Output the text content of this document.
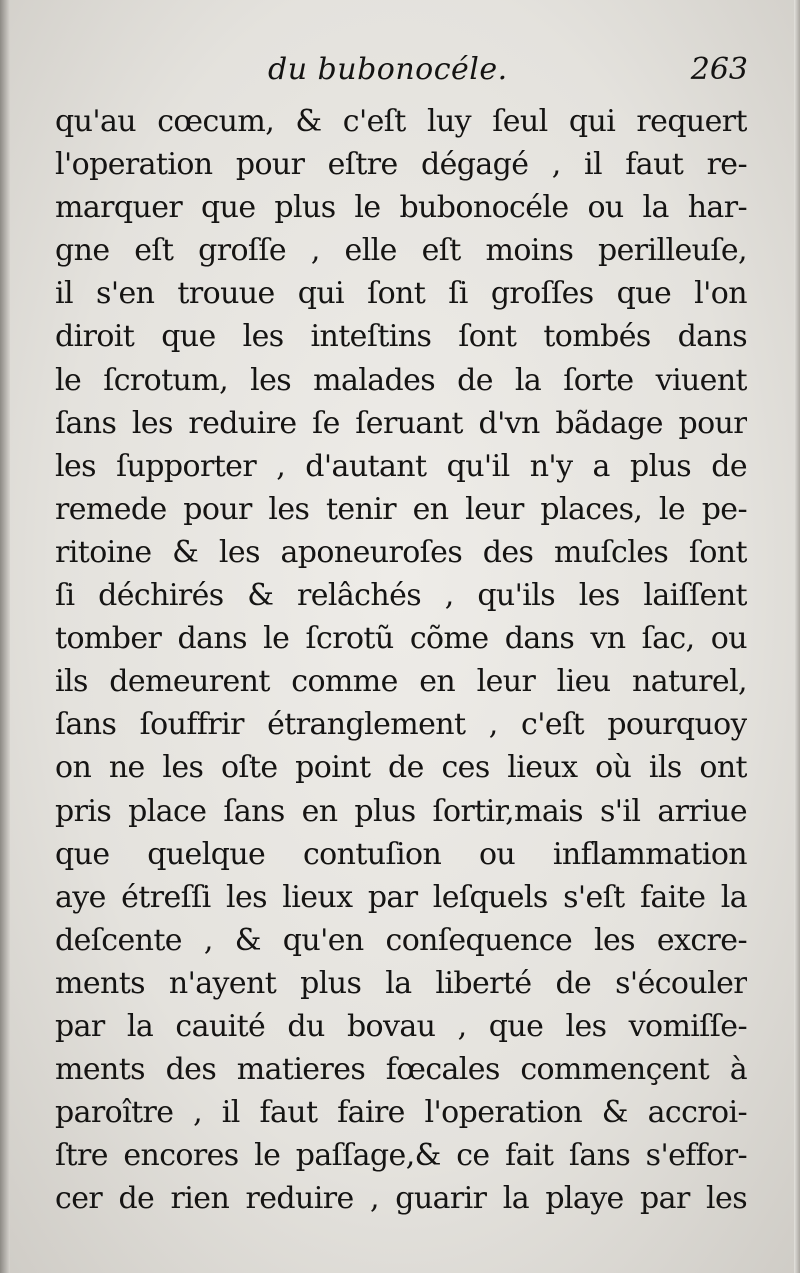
du bubonocéle.	263
qu'au cœcum, & c'eſt luy ſeul qui requert
l'operation pour eſtre dégagé , il faut re-
marquer que plus le bubonocéle ou la har-
gne eſt groſſe , elle eſt moins perilleuſe,
il s'en trouue qui ſont ſi groſſes que l'on
diroit que les inteſtins ſont tombés dans
le ſcrotum, les malades de la ſorte viuent
ſans les reduire ſe ſeruant d'vn bãdage pour
les ſupporter , d'autant qu'il n'y a plus de
remede pour les tenir en leur places, le pe-
ritoine & les aponeuroſes des muſcles ſont
ſi déchirés & relâchés , qu'ils les laiſſent
tomber dans le ſcrotũ cõme dans vn ſac, ou
ils demeurent comme en leur lieu naturel,
ſans ſouffrir étranglement , c'eſt pourquoy
on ne les oſte point de ces lieux où ils ont
pris place ſans en plus ſortir,mais s'il arriue
que quelque contuſion ou inflammation
aye étreſſi les lieux par leſquels s'eſt faite la
deſcente , & qu'en conſequence les excre-
ments n'ayent plus la liberté de s'écouler
par la cauité du bovau , que les vomiſſe-
ments des matieres fœcales commençent à
paroître , il faut faire l'operation & accroi-
ſtre encores le paſſage,& ce fait ſans s'effor-
cer de rien reduire , guarir la playe par les
